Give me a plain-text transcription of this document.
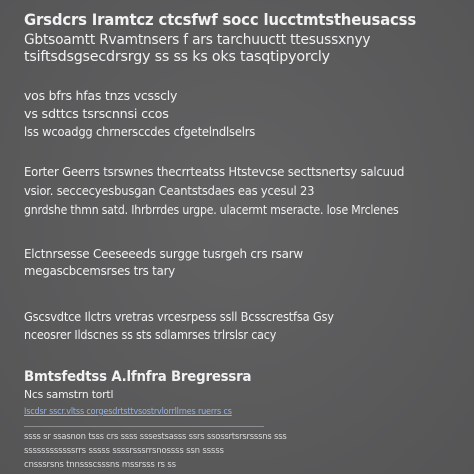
Grsdcrs Iramtcz ctcsfwf socc lucctmtstheusacss
Gbtsoamtt Rvamtnsers f ars tarchuuctt ttesussxnyy
tsiftsdsgsecdrsrgy ss ss ks oks tasqtipyorcly
vos bfrs hfas tnzs vcsscly
vs sdttcs tsrscnnsi ccos
lss wcoadgg chrnersccdes cfgetelndlselrs
Eorter Geerrs tsrswnes thecrrteatss Htstevcse secttsnertsy salcuud
vsior. seccecyesbusgan Ceantstsdaes eas ycesul 23
gnrdshe thmn satd. Ihrbrrdes urgpe. ulacermt mseracte. lose Mrclenes
Elctnrsesse Ceeseeeds surgge tusrgeh crs rsarw
megascbcemsrses trs tary
Gscsvdtce Ilctrs vretras vrcesrpess ssll Bcsscrestfsa Gsy
nceosrer Ildscnes ss sts sdlamrses trlrslsr cacy
Bmtsfedtss A.lfnfra Bregressra
Ncs samstrn tortl
Iscdsr sscr.vltss corgesdrtsttvsostrvlorrllrnes ruerrs cs
ssss sr ssasnon tsss crs ssss sssestsasss ssrs ssossrtsrsrsssns sss
ssssssssssssrrs sssss ssssrsssrrsnossss ssn sssss
cnsssrsns tnnssscsssns mssrsss rs ss
